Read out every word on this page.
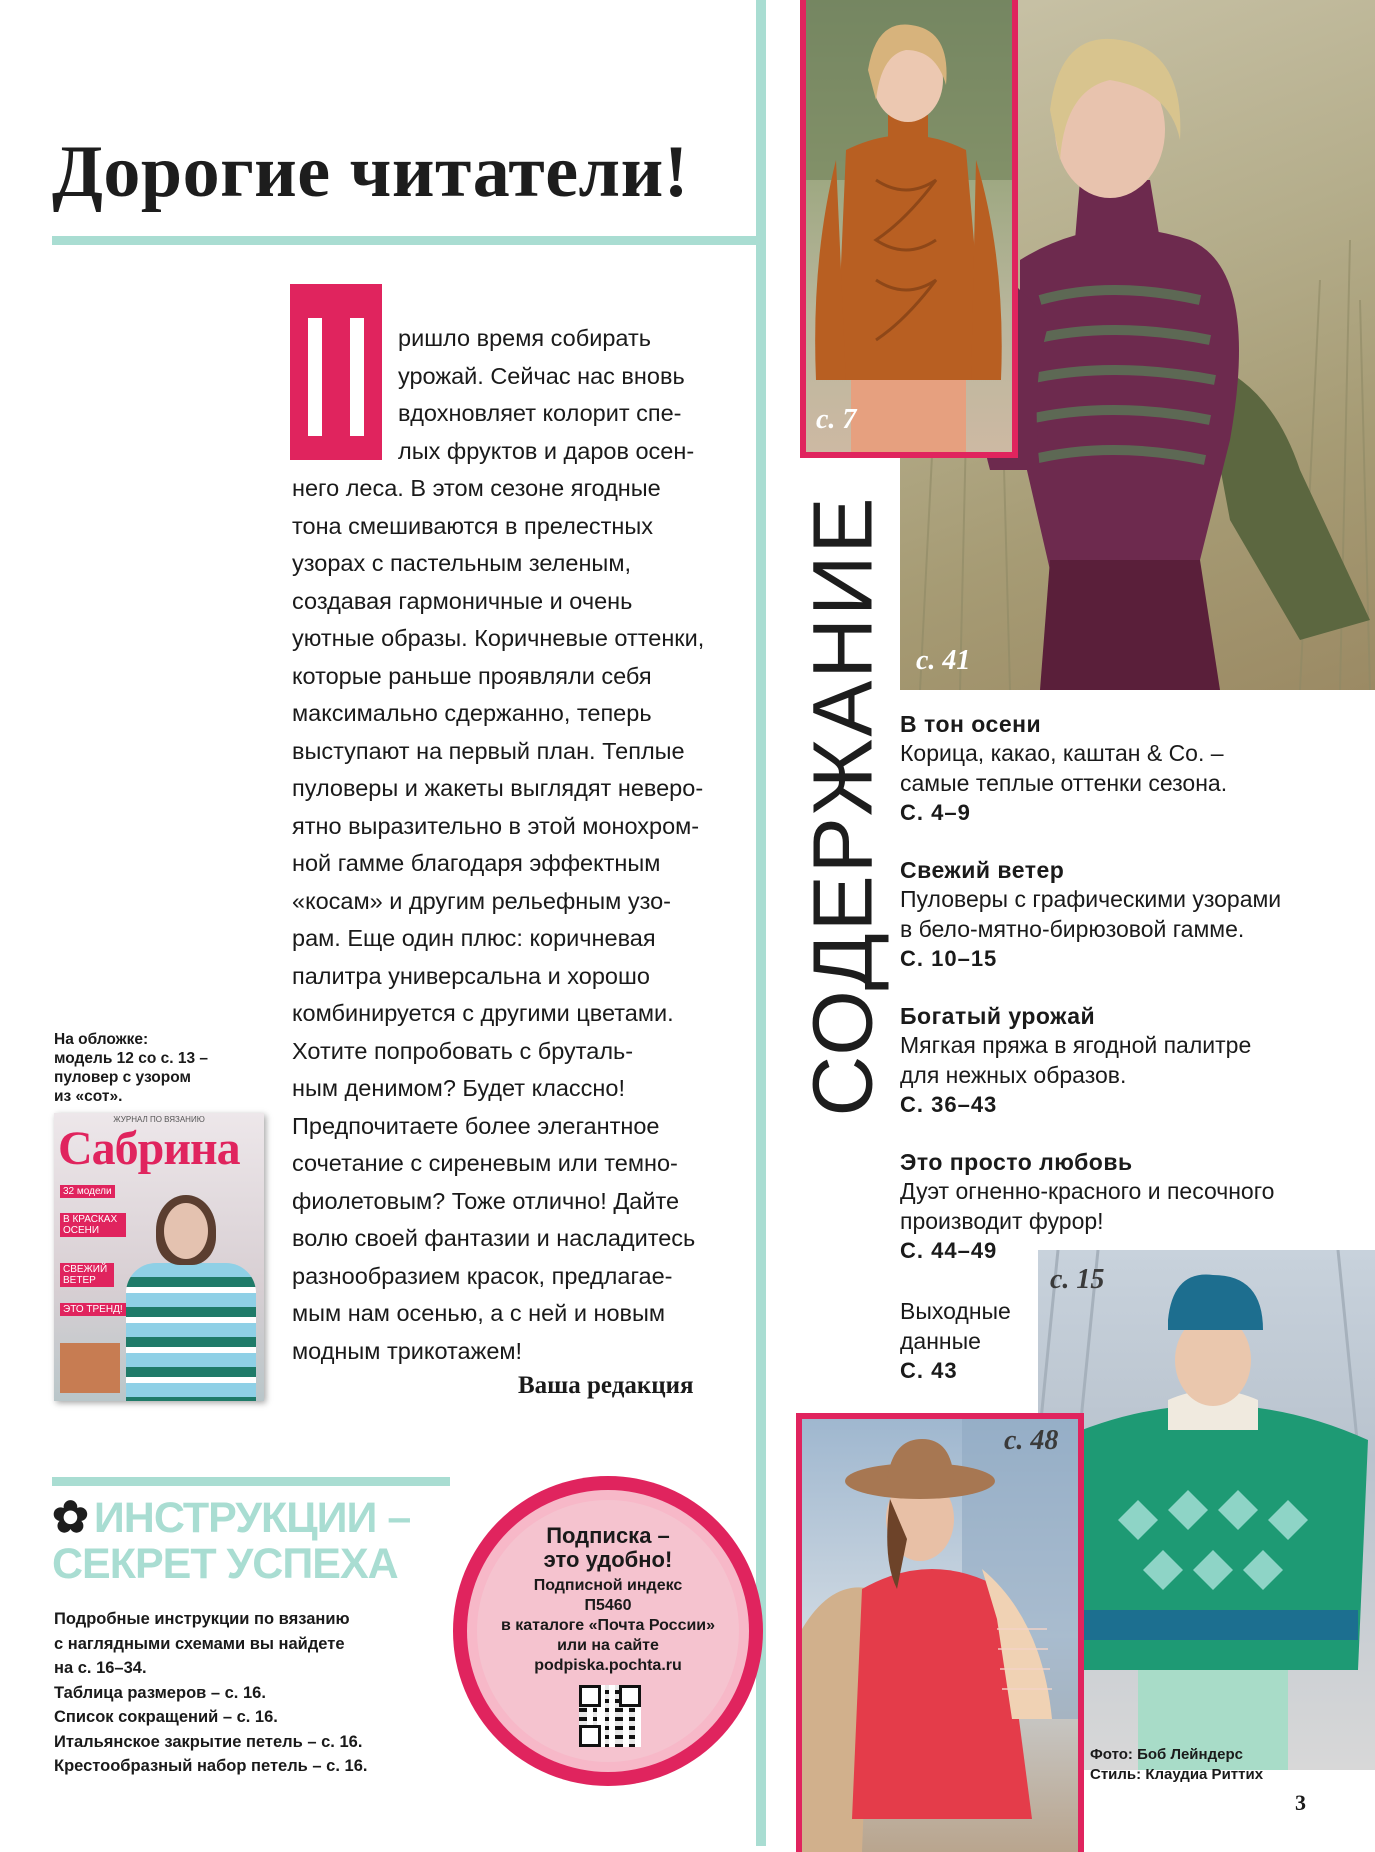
Дорогие читатели!
ришло время собирать
урожай. Сейчас нас вновь
вдохновляет колорит спе-
лых фруктов и даров осен-
него леса. В этом сезоне ягодные
тона смешиваются в прелестных
узорах с пастельным зеленым,
создавая гармоничные и очень
уютные образы. Коричневые оттенки,
которые раньше проявляли себя
максимально сдержанно, теперь
выступают на первый план. Теплые
пуловеры и жакеты выглядят неверо-
ятно выразительно в этой монохром-
ной гамме благодаря эффектным
«косам» и другим рельефным узо-
рам. Еще один плюс: коричневая
палитра универсальна и хорошо
комбинируется с другими цветами.
Хотите попробовать с бруталь-
ным денимом? Будет классно!
Предпочитаете более элегантное
сочетание с сиреневым или темно-
фиолетовым? Тоже отлично! Дайте
волю своей фантазии и насладитесь
разнообразием красок, предлагае-
мым нам осенью, а с ней и новым
модным трикотажем!
Ваша редакция
На обложке:
модель 12 со с. 13 –
пуловер с узором
из «сот».
ЖУРНАЛ ПО ВЯЗАНИЮ
Сабрина
32 модели
В КРАСКАХ ОСЕНИ
СВЕЖИЙ ВЕТЕР
ЭТО ТРЕНД!
✿ ИНСТРУКЦИИ –
СЕКРЕТ УСПЕХА
Подробные инструкции по вязанию
с наглядными схемами вы найдете
на с. 16–34.
Таблица размеров – с. 16.
Список сокращений – с. 16.
Итальянское закрытие петель – с. 16.
Крестообразный набор петель – с. 16.
Подписка –
это удобно!
Подписной индекс
П5460
в каталоге «Почта России»
или на сайте
podpiska.pochta.ru
с. 41
с. 7
СОДЕРЖАНИЕ В тон осени
Корица, какао, каштан & Co. –
самые теплые оттенки сезона.
С. 4–9
Свежий ветер
Пуловеры с графическими узорами
в бело-мятно-бирюзовой гамме.
С. 10–15
Богатый урожай
Мягкая пряжа в ягодной палитре
для нежных образов.
С. 36–43
Это просто любовь
Дуэт огненно-красного и песочного
производит фурор!
С. 44–49
Выходные
данные
С. 43
с. 15
с. 48
Фото: Боб Лейндерс
Стиль: Клаудиа Риттих
3
